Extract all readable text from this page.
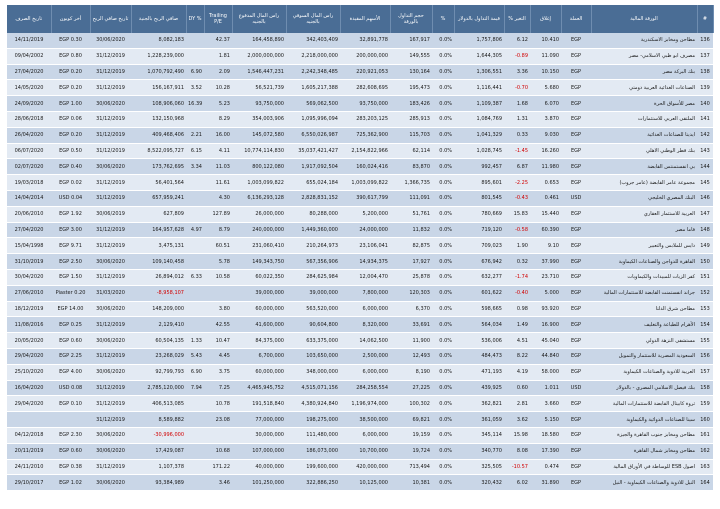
#	الورقة المالية	العملة	إغلاق	التغير %	قيمة التداول بالدولار	%	حجم التداول بالورقة	الأسهم المقيدة	راس المال السوقي بالجنيه	راس المال المدفوع بالجنيه	Trailing P/E	% DY	صافي الربح بالجنية	تاريخ صافي الربح	أخر كوبون	تاريخ الصرف
136	مطاحن ومخابز الاسكندرية	EGP	10.410	6.12	1,757,806	0.0%	167,917	32,891,778	342,403,409	164,458,890	42.37		8,082,183	30/06/2020	EGP 0.30	14/11/2019
137	مصرف ابو ظبي الاسلامي- مصر	EGP	11.090	-0.89	1,644,305	0.0%	149,555	200,000,000	2,218,000,000	2,000,000,000	1.81		1,228,239,000	31/12/2019	EGP 0.80	09/04/2002
138	بنك البركة مصر	EGP	10.150	3.36	1,306,551	0.0%	130,164	220,921,053	2,242,348,485	1,546,447,231	2.09	6.90	1,070,792,490	31/12/2019	EGP 0.20	27/04/2020
139	الصناعات الغذائية العربية دومتي	EGP	5.680	-0.70	1,116,441	0.0%	195,473	282,608,695	1,605,217,388	56,521,739	10.28	3.52	156,167,911	31/12/2019	EGP 0.20	14/05/2020
140	مصر للأسواق الحرة	EGP	6.070	1.68	1,109,387	0.0%	183,426	93,750,000	569,062,500	93,750,000	5.23	16.39	108,906,060	30/06/2020	EGP 1.00	24/09/2020
141	الملتقى العربي للاستثمارات	EGP	3.870	1.31	1,084,769	0.0%	285,913	283,203,125	1,095,996,094	354,003,906	8.29		132,150,968	31/12/2019	EGP 0.06	28/06/2018
142	ايديتا للصناعات الغذائية	EGP	9.030	0.33	1,041,329	0.0%	115,703	725,362,900	6,550,026,987	145,072,580	16.00	2.21	409,468,406	31/12/2019	EGP 0.20	26/04/2020
143	بنك قطر الوطني الاهلي	EGP	16.260	-1.45	1,028,745	0.0%	62,114	2,154,822,966	35,037,421,427	10,774,114,830	4.11	6.15	8,522,095,727	31/12/2019	EGP 0.50	06/07/2020
144	بي انفستمنتس القابضة	EGP	11.980	6.87	992,457	0.0%	83,870	160,024,416	1,917,092,504	800,122,080	11.03	3.34	173,762,695	30/06/2020	EGP 0.40	02/07/2020
145	مجموعة عامر القابضة (عامر جروب)	EGP	0.653	-2.25	895,601	0.0%	1,366,735	1,003,099,822	655,024,184	1,003,099,822	11.61		56,401,564	31/12/2019	EGP 0.02	19/03/2018
146	البنك المصري الخليجي	USD	0.461	-0.43	801,545	0.0%	111,091	390,617,799	2,828,831,152	6,136,293,128	4.30		657,959,241	31/12/2019	USD 0.04	14/04/2014
147	العربية للاستثمار العقاري	EGP	15.440	15.83	780,669	0.0%	51,761	5,200,000	80,288,000	26,000,000	127.89		627,809	30/06/2019	EGP 1.92	20/06/2010
148	فاما مصر	EGP	60.390	-0.58	719,120	0.0%	11,832	24,000,000	1,449,360,000	240,000,000	8.79	4.97	164,957,628	31/12/2019	EGP 3.00	27/04/2020
149	دايس للملابس والتعبير	EGP	9.10	1.90	709,023	0.0%	82,875	23,106,041	210,264,973	231,060,410	60.51		3,475,131	31/12/2019	EGP 9.71	15/04/1998
150	القاهرة للدواجن والصناعات الكيماوية	EGP	37.990	0.32	676,942	0.0%	17,927	14,934,375	567,356,906	149,343,750	5.78		109,140,458	30/06/2020	EGP 2.50	31/10/2019
151	كفر الزيات للمبيدات والكيماويات	EGP	23.710	-1.74	632,277	0.0%	25,878	12,004,470	284,625,984	60,022,350	10.58	6.33	26,894,012	31/12/2019	EGP 1.50	30/04/2020
152	جراند انفستمنت القابضة للاستثمارات المالية	EGP	5.000	-0.40	601,622	0.0%	120,303	7,800,000	39,000,000	39,000,000			-8,958,107	31/03/2020	Piaster 0.20	27/06/2010
153	مطاحن شرق الدلتا	EGP	93.920	0.98	598,665	0.0%	6,370	6,000,000	563,520,000	60,000,000	3.80		148,209,000	30/06/2020	EGP 14.00	18/12/2019
154	الأهرام للطباعة والتغليف	EGP	16.900	1.49	564,034	0.0%	33,691	8,320,000	90,604,800	41,600,000	42.55		2,129,410	31/12/2019	EGP 0.25	11/08/2016
155	مستشفى النزهة الدولي	EGP	45.040	4.51	536,006	0.0%	11,900	14,062,500	633,375,000	84,375,000	10.47	1.33	60,504,135	30/06/2020	EGP 0.60	20/05/2020
156	السعودية المصرية للاستثمار والتمويل	EGP	44.840	8.22	484,473	0.0%	12,493	2,500,000	103,650,000	6,700,000	4.45	5.43	23,268,029	31/12/2019	EGP 2.25	29/04/2020
157	العربية للادوية والصناعات الكيماوية	EGP	58.000	4.19	471,193	0.0%	8,190	6,000,000	348,000,000	60,000,000	3.75	6.90	92,799,793	30/06/2020	EGP 4.00	25/10/2020
158	بنك فيصل الاسلامي المصري - بالدولار	USD	1.011	0.60	439,925	0.0%	27,225	284,258,554	4,515,071,156	4,465,945,752	7.25	7.94	2,785,120,000	31/12/2019	USD 0.08	16/04/2020
159	ثروة كابيتال القابضة للاستثمارات المالية	EGP	3.660	2.81	362,821	0.0%	100,302	1,196,974,000	4,380,924,840	191,518,840	10.78		406,513,085	31/12/2019	EGP 0.10	29/04/2020
160	سينا للصناعات الدوائية والكيماوية	EGP	5.150	3.62	361,059	0.0%	69,821	38,500,000	198,275,000	77,000,000	23.08		8,589,882	31/12/2019		
161	مطاحن ومخابز جنوب القاهرة والجيزة	EGP	18.580	15.98	345,114	0.0%	19,159	6,000,000	111,480,000	30,000,000			-30,996,000	30/06/2020	EGP 2.30	04/12/2018
162	مطاحن ومخابز شمال القاهرة	EGP	17.390	8.08	340,770	0.0%	19,724	10,700,000	186,073,000	107,000,000	10.68		17,429,087	30/06/2020	EGP 0.60	20/11/2019
163	اصول ESB للوساطة في الأوراق المالية	EGP	0.474	-10.57	325,505	0.0%	713,494	420,000,000	199,600,000	40,000,000	171.22		1,107,378	31/12/2019	EGP 0.38	24/11/2010
164	النيل للادوية والصناعات الكيماوية - النيل	EGP	31.890	6.02	320,432	0.0%	10,381	10,125,000	322,886,250	101,250,000	3.46		93,384,989	30/06/2020	EGP 1.02	29/10/2017
